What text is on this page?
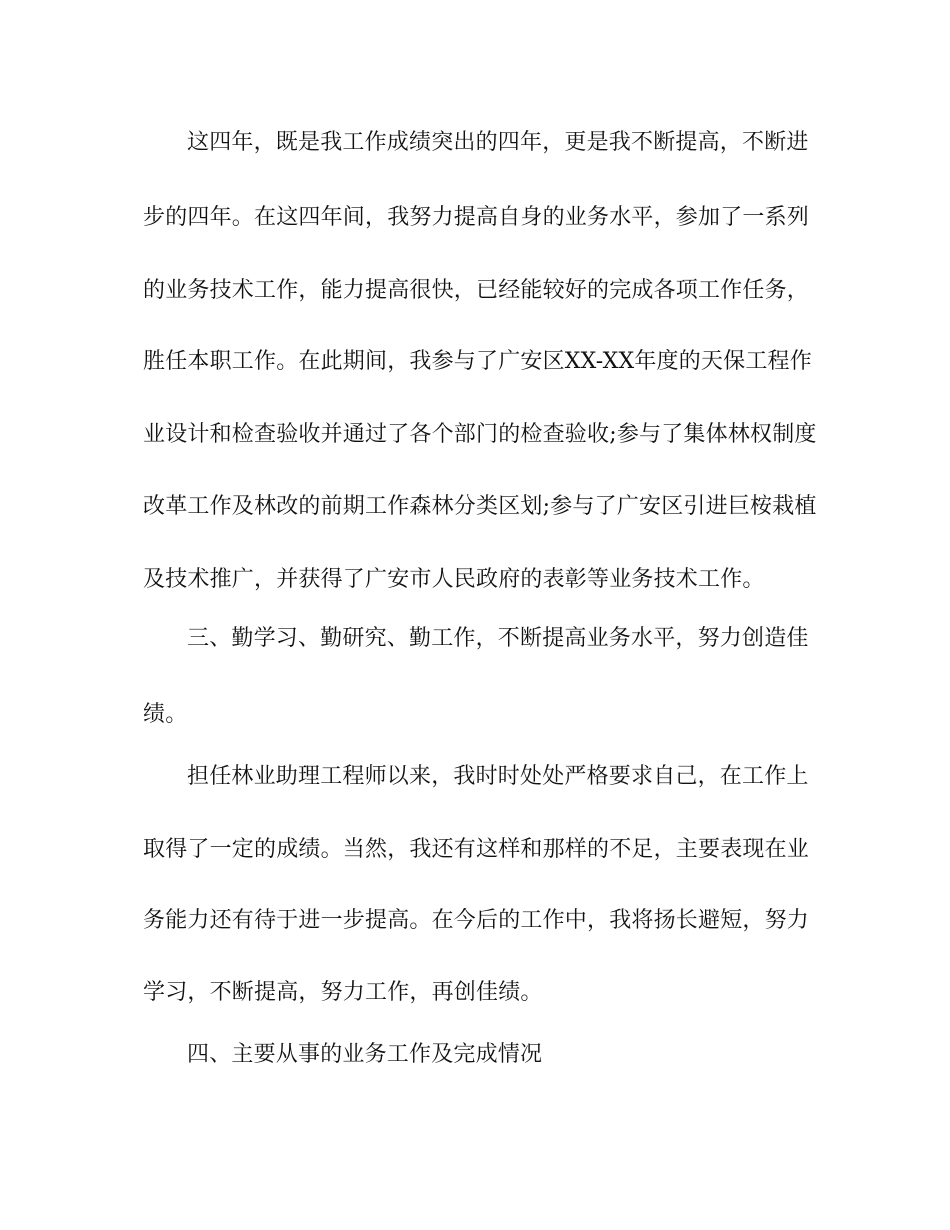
这四年，既是我工作成绩突出的四年，更是我不断提高，不断进
步的四年。在这四年间，我努力提高自身的业务水平，参加了一系列
的业务技术工作，能力提高很快，已经能较好的完成各项工作任务，
胜任本职工作。在此期间，我参与了广安区XX-XX年度的天保工程作
业设计和检查验收并通过了各个部门的检查验收;参与了集体林权制度
改革工作及林改的前期工作森林分类区划;参与了广安区引进巨桉栽植
及技术推广，并获得了广安市人民政府的表彰等业务技术工作。
三、勤学习、勤研究、勤工作，不断提高业务水平，努力创造佳
绩。
担任林业助理工程师以来，我时时处处严格要求自己，在工作上
取得了一定的成绩。当然，我还有这样和那样的不足，主要表现在业
务能力还有待于进一步提高。在今后的工作中，我将扬长避短，努力
学习，不断提高，努力工作，再创佳绩。
四、主要从事的业务工作及完成情况
